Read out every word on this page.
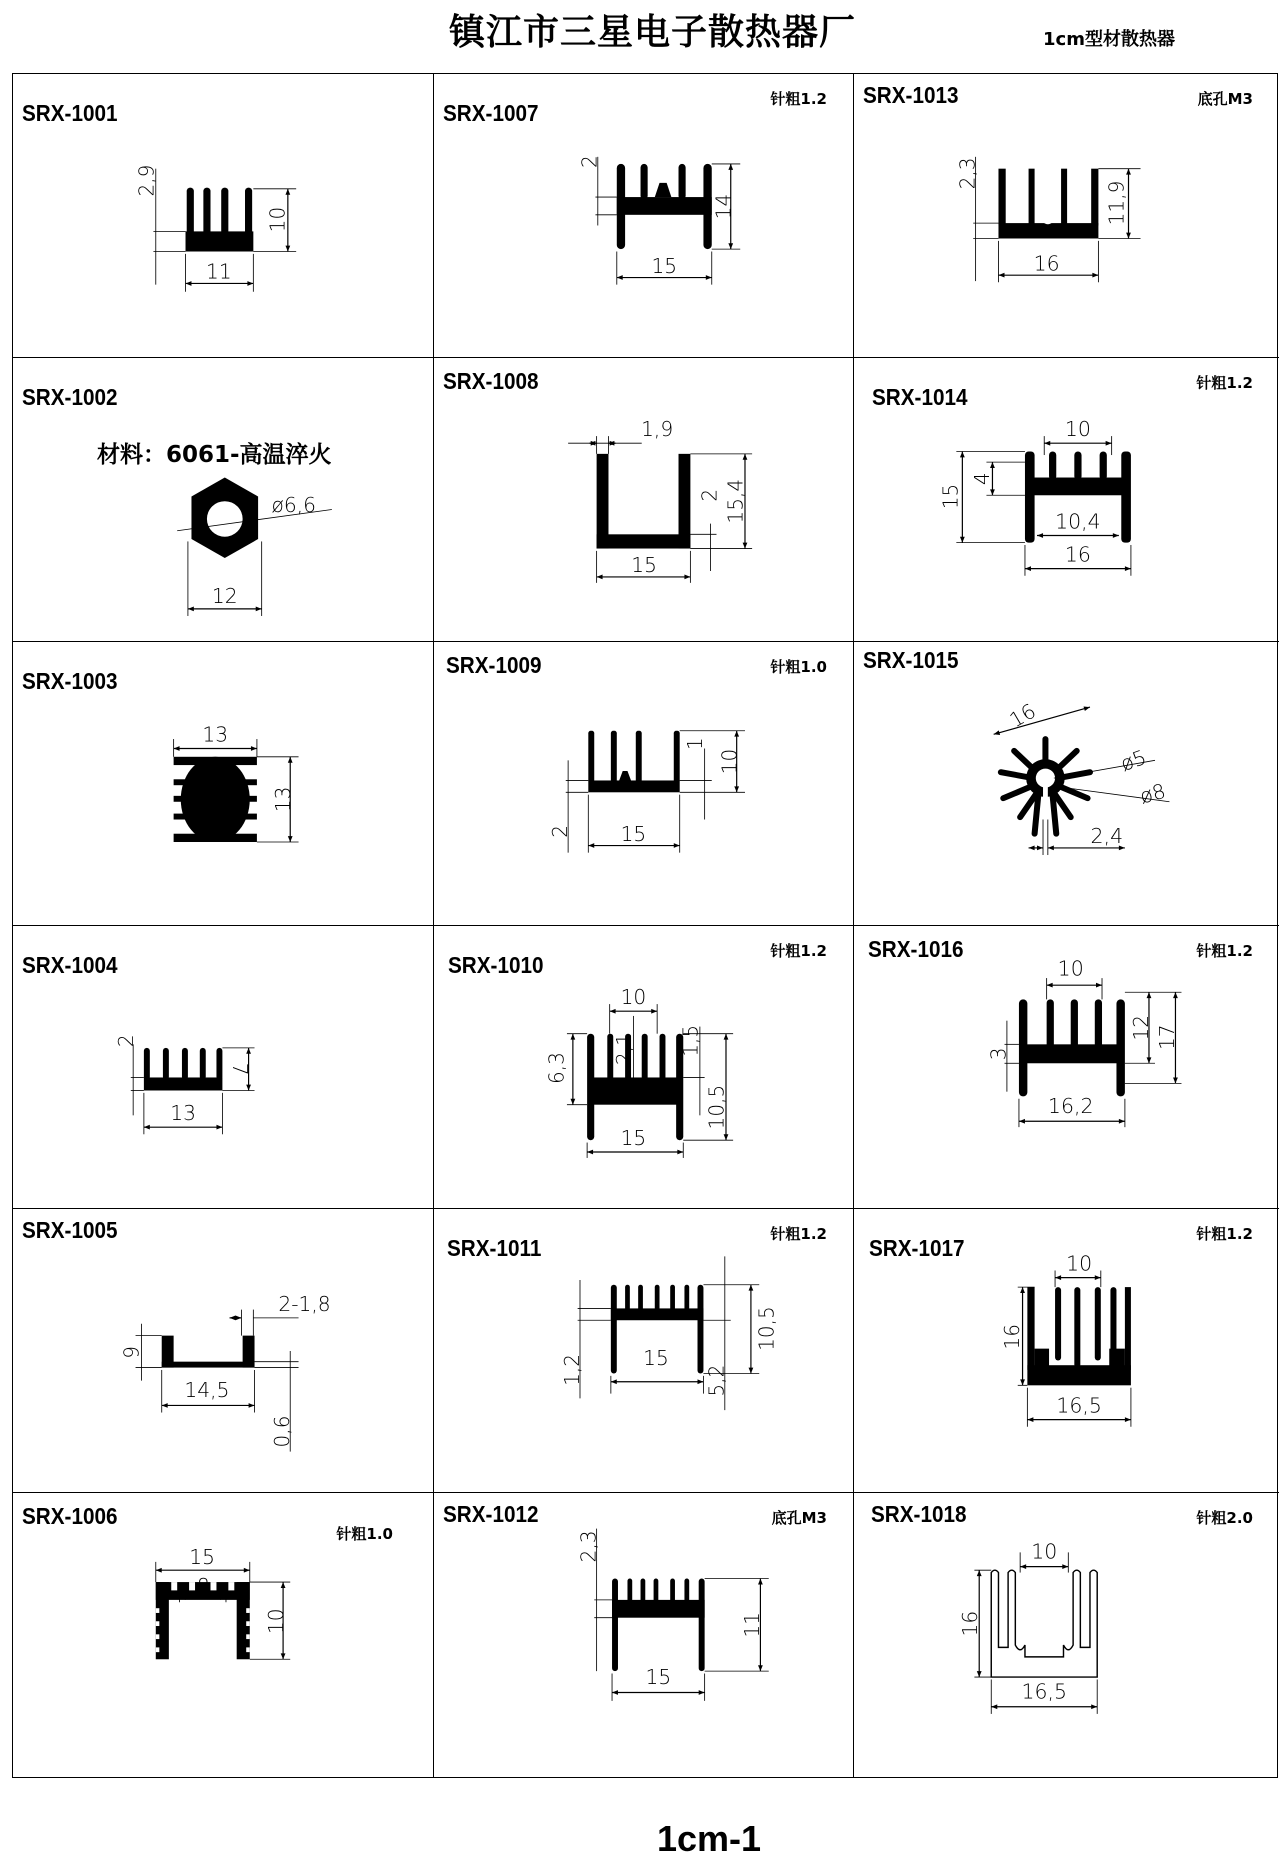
镇江市三星电子散热器厂	1cm型材散热器
SRX-1001
11
10
2,9
SRX-1007
针粗1.2
15
14
2
SRX-1013	底孔M3
16
11,9
2,3
SRX-1002
材料：6061-高温淬火
ø6,6
12
SRX-1008
1,9
2 15,4
15
SRX-1014
针粗1.2
10
15
4
10,4
16
SRX-1003
13
13
SRX-1009	针粗1.0
1
10
2	15
SRX-1015
16
ø5
ø8
2,4
SRX-1004
13
7
2
SRX-1010
针粗1.2
10
2,1 1,5
6,3
10,5
15
SRX-1016	针粗1.2
10
12 17
3
16,2
SRX-1005
2-1,8
6
14,5
0,6
SRX-1011
针粗1.2
10,5
1,2	15
5,2
SRX-1017
针粗1.2
10
16
16,5
SRX-1006
针粗1.0
15
8
10
SRX-1012	底孔M3
2,3
11
15
SRX-1018	针粗2.0
10
16
16,5
1cm-1
